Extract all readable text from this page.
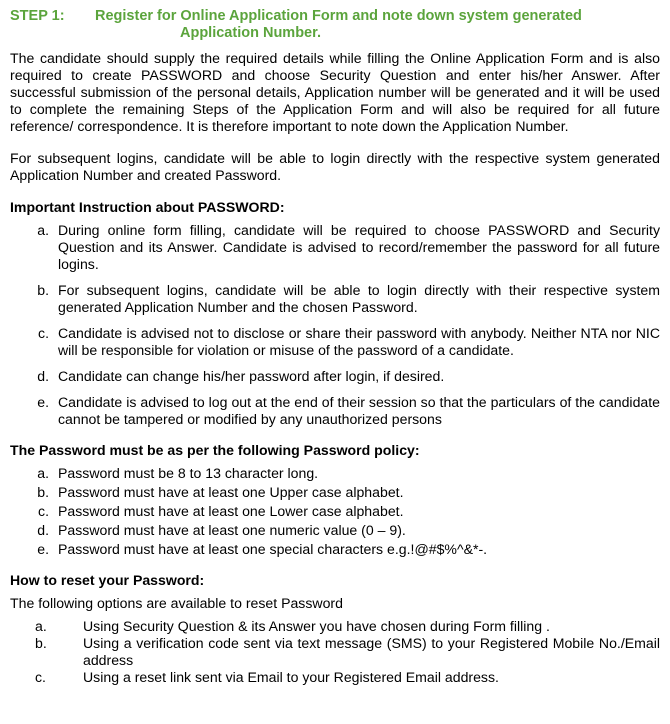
STEP 1:	Register for Online Application Form and note down system generated Application Number.

The candidate should supply the required details while filling the Online Application Form and is also required to create PASSWORD and choose Security Question and enter his/her Answer. After successful submission of the personal details, Application number will be generated and it will be used to complete the remaining Steps of the Application Form and will also be required for all future reference/ correspondence. It is therefore important to note down the Application Number.

For subsequent logins, candidate will be able to login directly with the respective system generated Application Number and created Password.

Important Instruction about PASSWORD:
a. During online form filling, candidate will be required to choose PASSWORD and Security Question and its Answer. Candidate is advised to record/remember the password for all future logins.
b. For subsequent logins, candidate will be able to login directly with their respective system generated Application Number and the chosen Password.
c. Candidate is advised not to disclose or share their password with anybody. Neither NTA nor NIC will be responsible for violation or misuse of the password of a candidate.
d. Candidate can change his/her password after login, if desired.
e. Candidate is advised to log out at the end of their session so that the particulars of the candidate cannot be tampered or modified by any unauthorized persons
The Password must be as per the following Password policy:
a. Password must be 8 to 13 character long.
b. Password must have at least one Upper case alphabet.
c. Password must have at least one Lower case alphabet.
d. Password must have at least one numeric value (0 – 9).
e. Password must have at least one special characters e.g.!@#$%^&*-.
How to reset your Password:

The following options are available to reset Password

a.	Using Security Question & its Answer you have chosen during Form filling .
b.	Using a verification code sent via text message (SMS) to your Registered Mobile No./Email address
c.	Using a reset link sent via Email to your Registered Email address.
